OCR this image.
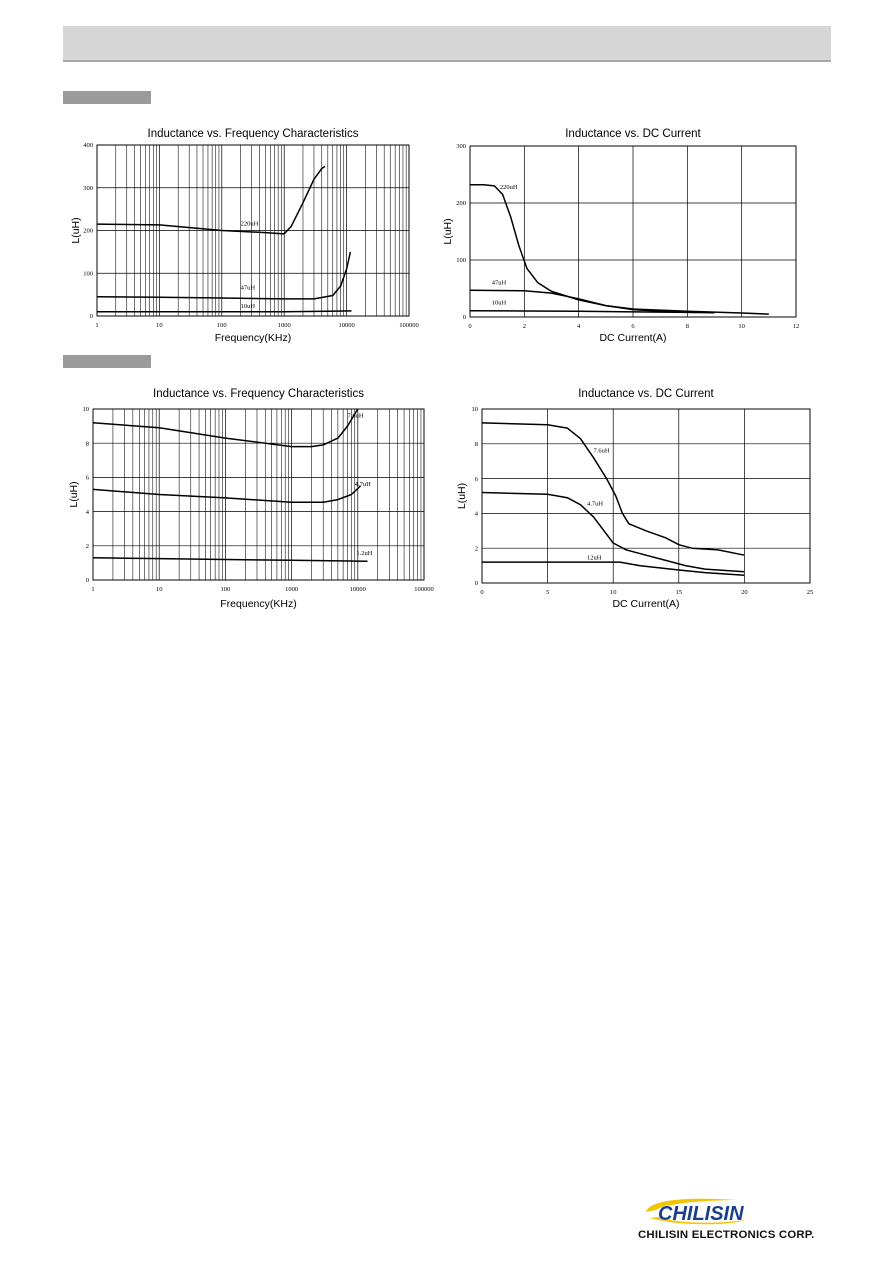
1	10	100	1000	10000	100000
0
100
200
300
400
220uH
47uH
10uH
Inductance vs. Frequency Characteristics
Frequency(KHz)
L(uH)
0	2	4	6	8	10	12
0
100
200
300
220uH
47uH
10uH
Inductance vs. DC Current
DC Current(A)
L(uH)
1	10	100	1000	10000	100000
0
2
4
6
8
10
7.6uH
4.7uH
1.2uH
Inductance vs. Frequency Characteristics
Frequency(KHz)
L(uH)
0	5	10	15	20	25
0
2
4
6
8
10
7.6uH
4.7uH
12uH
Inductance vs. DC Current
DC Current(A)
L(uH)
CHILISIN
CHILISIN ELECTRONICS CORP.
